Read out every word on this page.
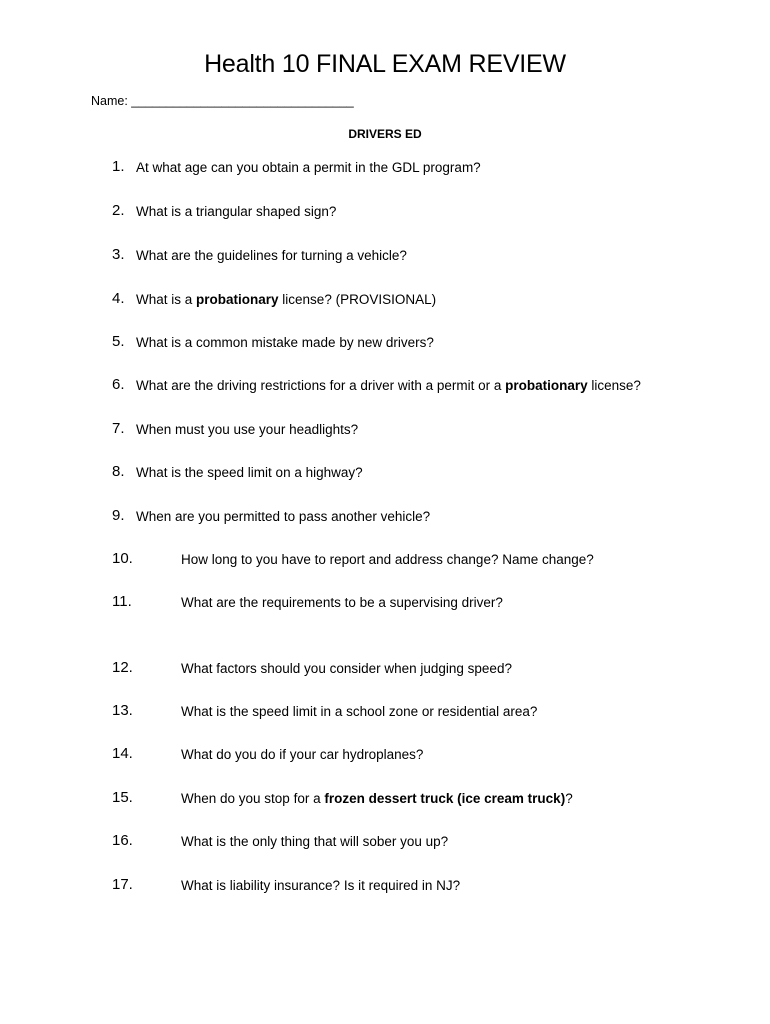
Health 10 FINAL EXAM REVIEW
Name: ________________________________
DRIVERS ED
1. At what age can you obtain a permit in the GDL program?
2. What is a triangular shaped sign?
3. What are the guidelines for turning a vehicle?
4. What is a probationary license? (PROVISIONAL)
5. What is a common mistake made by new drivers?
6. What are the driving restrictions for a driver with a permit or a probationary license?
7. When must you use your headlights?
8. What is the speed limit on a highway?
9. When are you permitted to pass another vehicle?
10.	How long to you have to report and address change? Name change?
11.	What are the requirements to be a supervising driver?
12.	What factors should you consider when judging speed?
13.	What is the speed limit in a school zone or residential area?
14.	What do you do if your car hydroplanes?
15.	When do you stop for a frozen dessert truck (ice cream truck)?
16.	What is the only thing that will sober you up?
17.	What is liability insurance? Is it required in NJ?
